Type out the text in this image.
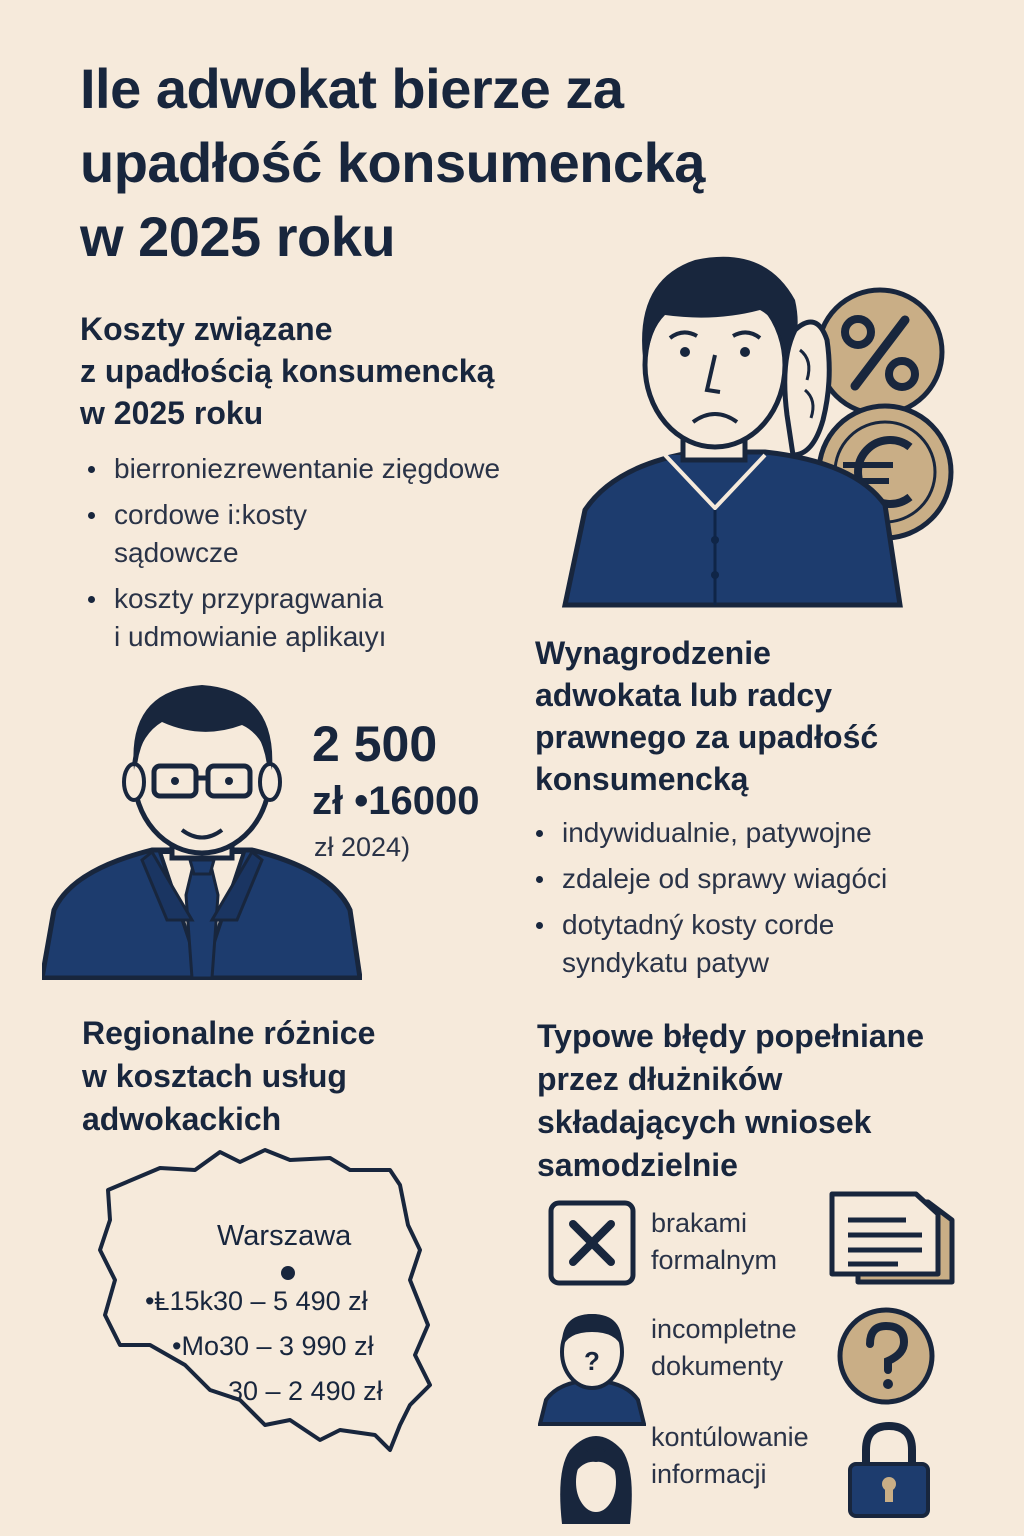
Ile adwokat bierze za
upadłość konsumencką
w 2025 roku
Koszty związane
z upadłością konsumencką
w 2025 roku
bierroniezrewentanie zięgdowe
cordowe i:kosty
sądowcze
koszty przypragwania
i udmowianie aplikaɩyı
2 500
zł •16000
zł 2024)
Wynagrodzenie
adwokata lub radcy
prawnego za upadłość
konsumencką
indywidualnie, patywojne
zdaleje od sprawy wiagóci
dotytadný kosty corde
syndykatu patyw
Regionalne różnice
w kosztach usług
adwokackich
Warszawa
•Ⱡ15k30 – 5 490 zł
•Mo30 – 3 990 zł
30 – 2 490 zł
Typowe błędy popełniane
przez dłużników
składających wniosek
samodzielnie
brakami
formalnym
?
incompletne
dokumenty
kontúlowanie
informacji
